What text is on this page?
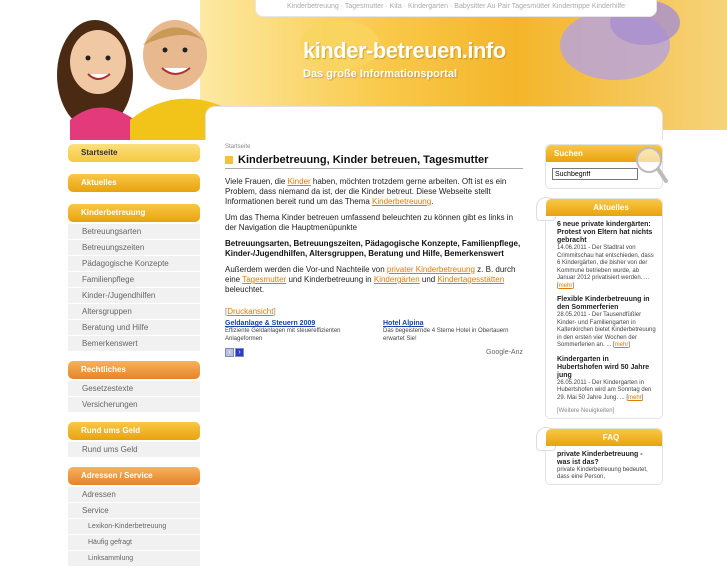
Kinderbetreuung · Tagesmutter · Kita · Kindergarten · Babysitter Au Pair Tagesmütter Kindertrippe Kinderhilfe
kinder-betreuen.info
Das große Informationsportal
Startseite
Aktuelles
Kinderbetreuung
Betreuungsarten
Betreuungszeiten
Pädagogische Konzepte
Familienpflege
Kinder-/Jugendhilfen
Altersgruppen
Beratung und Hilfe
Bemerkenswert
Rechtliches
Gesetzestexte
Versicherungen
Rund ums Geld
Rund ums Geld
Adressen / Service
Adressen
Service
Lexikon-Kinderbetreuung
Häufig gefragt
Linksammlung
Startseite
Kinderbetreuung, Kinder betreuen, Tagesmutter

Viele Frauen, die Kinder haben, möchten trotzdem gerne arbeiten. Oft ist es ein Problem, dass niemand da ist, der die Kinder betreut. Diese Webseite stellt Informationen bereit rund um das Thema Kinderbetreuung.

Um das Thema Kinder betreuen umfassend beleuchten zu können gibt es links in der Navigation die Hauptmenüpunkte

Betreuungsarten, Betreuungszeiten, Pädagogische Konzepte, Familienpflege, Kinder-/Jugendhilfen, Altersgruppen, Beratung und Hilfe, Bemerkenswert

Außerdem werden die Vor-und Nachteile von privater Kinderbetreuung z. B. durch eine Tagesmutter und Kinderbetreuung in Kindergärten und Kindertagesstätten beleuchtet.

[Druckansicht]
Geldanlage & Steuern 2009
Effiziente Geldanlagen mit steuereffizienten Anlageformen
Hotel Alpina
Das begeisternde 4 Sterne Hotel in Obertauern erwartet Sie!
‹ ›	Google-Anz
Suchen
Suchbegriff
Aktuelles
6 neue private kindergärten: Protest von Eltern hat nichts gebracht
14.06.2011 - Der Stadtrat von Crimmitschau hat entschieden, dass 6 Kindergärten, die bisher von der Kommune betrieben wurde, ab Januar 2012 privatisiert werden. ... [mehr]
Flexible Kinderbetreuung in den Sommerferien
28.05.2011 - Der Tausendfüßler Kinder- und Familiengarten in Kaltenkirchen bietet Kinderbetreuung in den ersten vier Wochen der Sommerferien an. ... [mehr]
Kindergarten in Hubertshofen wird 50 Jahre jung
26.05.2011 - Der Kindergarten in Hubertshofen wird am Sonntag den 29. Mai 50 Jahre Jung. ... [mehr]
[Weitere Neuigkeiten]
FAQ
private Kinderbetreuung - was ist das?
private Kinderbetreuung bedeutet, dass eine Person,
